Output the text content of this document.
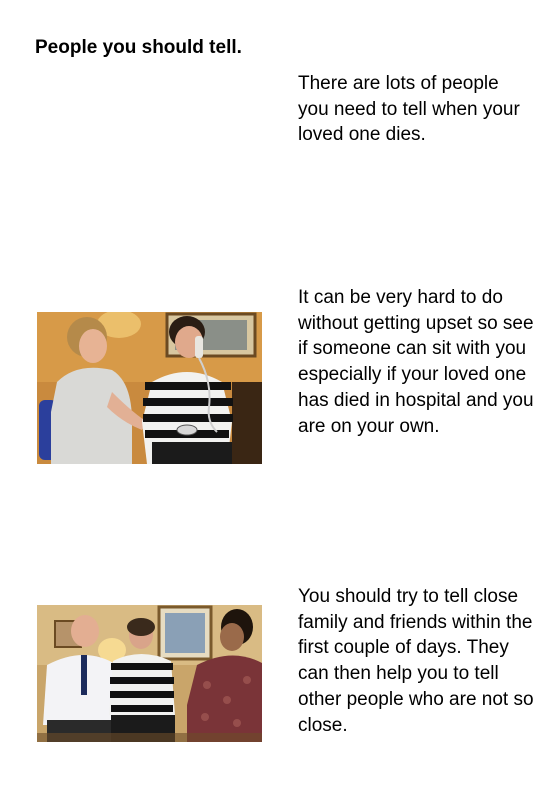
People you should tell.

There are lots of people you need to tell when your loved one dies.

It can be very hard to do without getting upset so see if someone can sit with you especially if your loved one has died in hospital and you are on your own.

You should try to tell close family and friends within the first couple of days. They can then help you to tell other people who are not so close.
